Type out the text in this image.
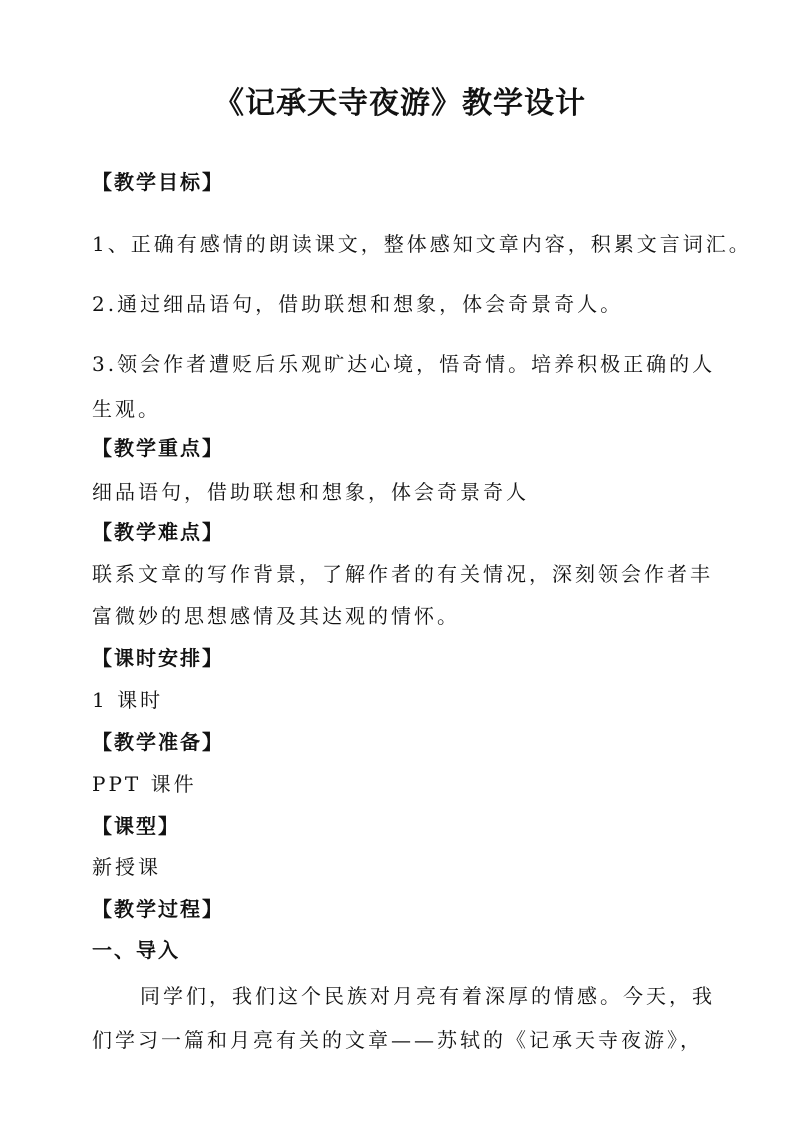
《记承天寺夜游》教学设计
【教学目标】
1、正确有感情的朗读课文，整体感知文章内容，积累文言词汇。
2.通过细品语句，借助联想和想象，体会奇景奇人。
3.领会作者遭贬后乐观旷达心境，悟奇情。培养积极正确的人
生观。
【教学重点】
细品语句，借助联想和想象，体会奇景奇人
【教学难点】
联系文章的写作背景，了解作者的有关情况，深刻领会作者丰
富微妙的思想感情及其达观的情怀。
【课时安排】
1 课时
【教学准备】
PPT 课件
【课型】
新授课
【教学过程】
一、导入
同学们，我们这个民族对月亮有着深厚的情感。今天，我
们学习一篇和月亮有关的文章——苏轼的《记承天寺夜游》，
